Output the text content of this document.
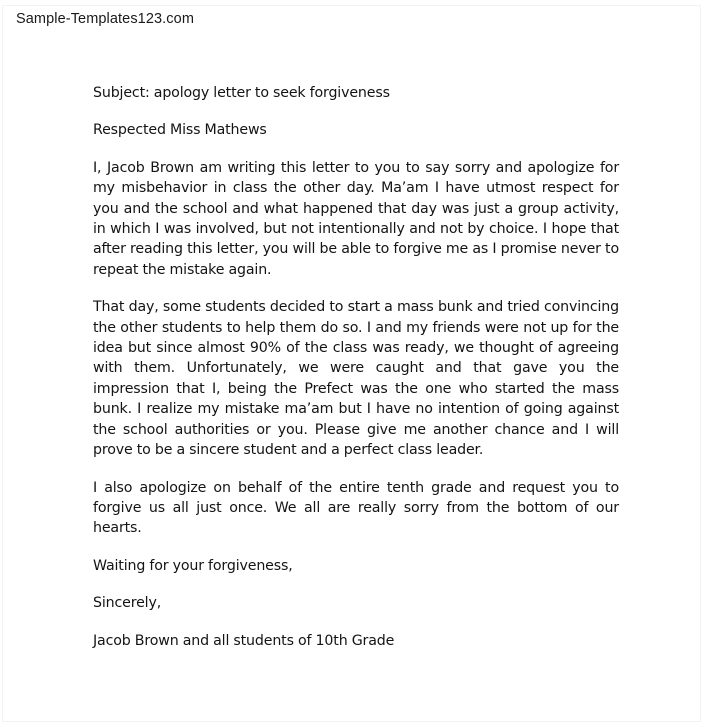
Sample-Templates123.com

Subject: apology letter to seek forgiveness

Respected Miss Mathews

I, Jacob Brown am writing this letter to you to say sorry and apologize for my misbehavior in class the other day. Ma’am I have utmost respect for you and the school and what happened that day was just a group activity, in which I was involved, but not intentionally and not by choice. I hope that after reading this letter, you will be able to forgive me as I promise never to repeat the mistake again.

That day, some students decided to start a mass bunk and tried convincing the other students to help them do so. I and my friends were not up for the idea but since almost 90% of the class was ready, we thought of agreeing with them. Unfortunately, we were caught and that gave you the impression that I, being the Prefect was the one who started the mass bunk. I realize my mistake ma’am but I have no intention of going against the school authorities or you. Please give me another chance and I will prove to be a sincere student and a perfect class leader.

I also apologize on behalf of the entire tenth grade and request you to forgive us all just once. We all are really sorry from the bottom of our hearts.

Waiting for your forgiveness,

Sincerely,

Jacob Brown and all students of 10th Grade
